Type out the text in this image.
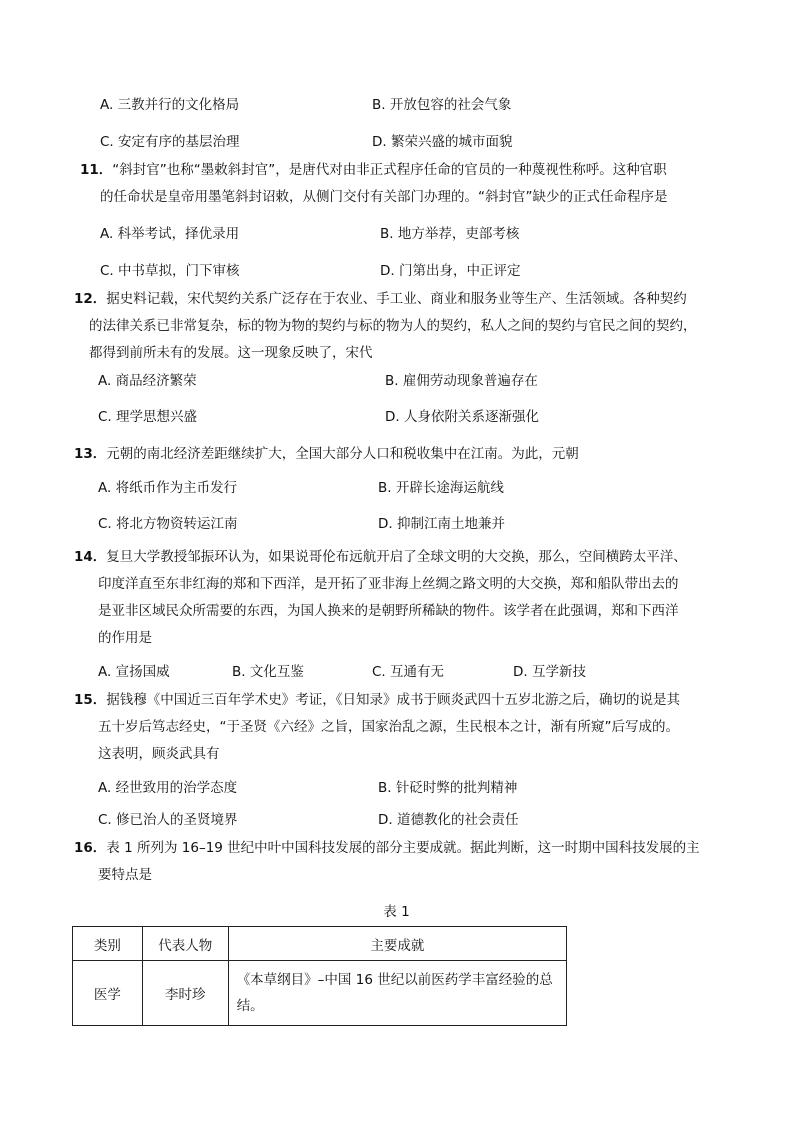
A. 三教并行的文化格局	B. 开放包容的社会气象
C. 安定有序的基层治理	D. 繁荣兴盛的城市面貌
11．“斜封官”也称“墨敕斜封官”，是唐代对由非正式程序任命的官员的一种蔑视性称呼。这种官职
的任命状是皇帝用墨笔斜封诏敕，从侧门交付有关部门办理的。“斜封官”缺少的正式任命程序是
A. 科举考试，择优录用	B. 地方举荐，吏部考核
C. 中书草拟，门下审核	D. 门第出身，中正评定
12．据史料记载，宋代契约关系广泛存在于农业、手工业、商业和服务业等生产、生活领域。各种契约
的法律关系已非常复杂，标的物为物的契约与标的物为人的契约，私人之间的契约与官民之间的契约，
都得到前所未有的发展。这一现象反映了，宋代
A. 商品经济繁荣	B. 雇佣劳动现象普遍存在
C. 理学思想兴盛	D. 人身依附关系逐渐强化
13．元朝的南北经济差距继续扩大，全国大部分人口和税收集中在江南。为此，元朝
A. 将纸币作为主币发行	B. 开辟长途海运航线
C. 将北方物资转运江南	D. 抑制江南土地兼并
14．复旦大学教授邹振环认为，如果说哥伦布远航开启了全球文明的大交换，那么，空间横跨太平洋、
印度洋直至东非红海的郑和下西洋，是开拓了亚非海上丝绸之路文明的大交换，郑和船队带出去的
是亚非区域民众所需要的东西，为国人换来的是朝野所稀缺的物件。该学者在此强调，郑和下西洋
的作用是
A. 宣扬国威	B. 文化互鉴	C. 互通有无	D. 互学新技
15．据钱穆《中国近三百年学术史》考证，《日知录》成书于顾炎武四十五岁北游之后，确切的说是其
五十岁后笃志经史，“于圣贤《六经》之旨，国家治乱之源，生民根本之计，渐有所窥”后写成的。
这表明，顾炎武具有
A. 经世致用的治学态度	B. 针砭时弊的批判精神
C. 修已治人的圣贤境界	D. 道德教化的社会责任
16．表 1 所列为 16–19 世纪中叶中国科技发展的部分主要成就。据此判断，这一时期中国科技发展的主
要特点是
表 1
类别	代表人物	主要成就
医学	李时珍	《本草纲目》–中国 16 世纪以前医药学丰富经验的总结。
